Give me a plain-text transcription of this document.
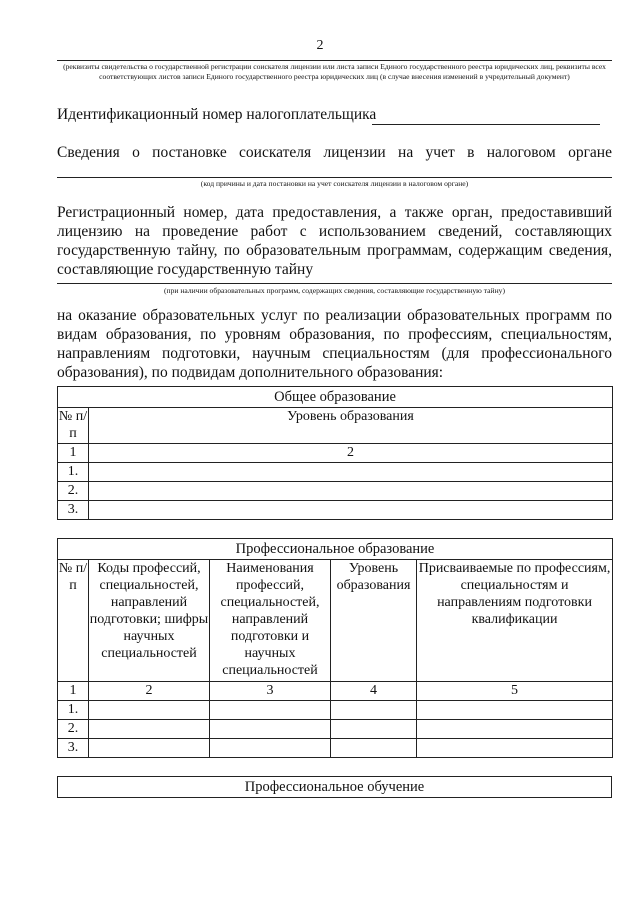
2
(реквизиты свидетельства о государственной регистрации соискателя лицензии или листа записи Единого государственного реестра юридических лиц, реквизиты всех соответствующих листов записи Единого государственного реестра юридических лиц (в случае внесения изменений в учредительный документ)
Идентификационный номер налогоплательщика
Сведения о постановке соискателя лицензии на учет в налоговом органе
(код причины и дата постановки на учет соискателя лицензии в налоговом органе)
Регистрационный номер, дата предоставления, а также орган, предоставивший лицензию на проведение работ с использованием сведений, составляющих государственную тайну, по образовательным программам, содержащим сведения, составляющие государственную тайну
(при наличии образовательных программ, содержащих сведения, составляющие государственную тайну)
на оказание образовательных услуг по реализации образовательных программ по видам образования, по уровням образования, по профессиям, специальностям, направлениям подготовки, научным специальностям (для профессионального образования), по подвидам дополнительного образования:
Общее образование	
№ п/п	Уровень образования
1	2
1.	
2.	
3.	
Профессиональное образование				
№ п/п	Коды профессий, специальностей, направлений подготовки; шифры научных специальностей	Наименования профессий, специальностей, направлений подготовки и научных специальностей	Уровень образования	Присваиваемые по профессиям, специальностям и направлениям подготовки квалификации
1	2	3	4	5
1.				
2.				
3.				
Профессиональное обучение
